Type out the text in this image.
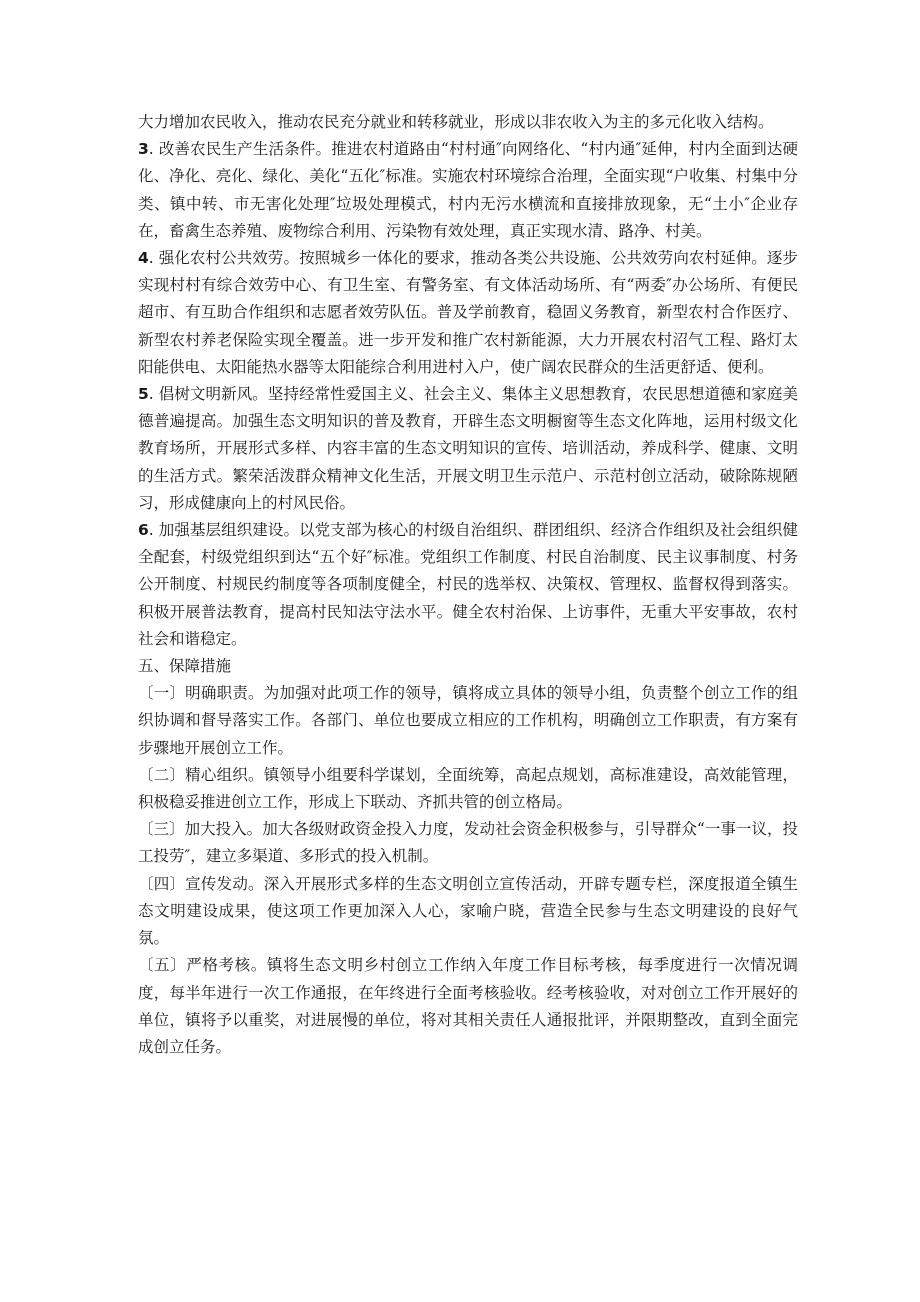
大力增加农民收入，推动农民充分就业和转移就业，形成以非农收入为主的多元化收入结构。

3. 改善农民生产生活条件。推进农村道路由“村村通″向网络化、“村内通″延伸，村内全面到达硬化、净化、亮化、绿化、美化“五化″标准。实施农村环境综合治理，全面实现“户收集、村集中分类、镇中转、市无害化处理″垃圾处理模式，村内无污水横流和直接排放现象，无“土小″企业存在，畜禽生态养殖、废物综合利用、污染物有效处理，真正实现水清、路净、村美。

4. 强化农村公共效劳。按照城乡一体化的要求，推动各类公共设施、公共效劳向农村延伸。逐步实现村村有综合效劳中心、有卫生室、有警务室、有文体活动场所、有“两委″办公场所、有便民超市、有互助合作组织和志愿者效劳队伍。普及学前教育，稳固义务教育，新型农村合作医疗、新型农村养老保险实现全覆盖。进一步开发和推广农村新能源，大力开展农村沼气工程、路灯太阳能供电、太阳能热水器等太阳能综合利用进村入户，使广阔农民群众的生活更舒适、便利。

5. 倡树文明新风。坚持经常性爱国主义、社会主义、集体主义思想教育，农民思想道德和家庭美德普遍提高。加强生态文明知识的普及教育，开辟生态文明橱窗等生态文化阵地，运用村级文化教育场所，开展形式多样、内容丰富的生态文明知识的宣传、培训活动，养成科学、健康、文明的生活方式。繁荣活泼群众精神文化生活，开展文明卫生示范户、示范村创立活动，破除陈规陋习，形成健康向上的村风民俗。

6. 加强基层组织建设。以党支部为核心的村级自治组织、群团组织、经济合作组织及社会组织健全配套，村级党组织到达“五个好″标准。党组织工作制度、村民自治制度、民主议事制度、村务公开制度、村规民约制度等各项制度健全，村民的选举权、决策权、管理权、监督权得到落实。积极开展普法教育，提高村民知法守法水平。健全农村治保、上访事件，无重大平安事故，农村社会和谐稳定。

五、保障措施

〔一〕明确职责。为加强对此项工作的领导，镇将成立具体的领导小组，负责整个创立工作的组织协调和督导落实工作。各部门、单位也要成立相应的工作机构，明确创立工作职责，有方案有步骤地开展创立工作。

〔二〕精心组织。镇领导小组要科学谋划，全面统筹，高起点规划，高标准建设，高效能管理，积极稳妥推进创立工作，形成上下联动、齐抓共管的创立格局。

〔三〕加大投入。加大各级财政资金投入力度，发动社会资金积极参与，引导群众“一事一议，投工投劳″，建立多渠道、多形式的投入机制。

〔四〕宣传发动。深入开展形式多样的生态文明创立宣传活动，开辟专题专栏，深度报道全镇生态文明建设成果，使这项工作更加深入人心，家喻户晓，营造全民参与生态文明建设的良好气氛。

〔五〕严格考核。镇将生态文明乡村创立工作纳入年度工作目标考核，每季度进行一次情况调度，每半年进行一次工作通报，在年终进行全面考核验收。经考核验收，对对创立工作开展好的单位，镇将予以重奖，对进展慢的单位，将对其相关责任人通报批评，并限期整改，直到全面完成创立任务。
